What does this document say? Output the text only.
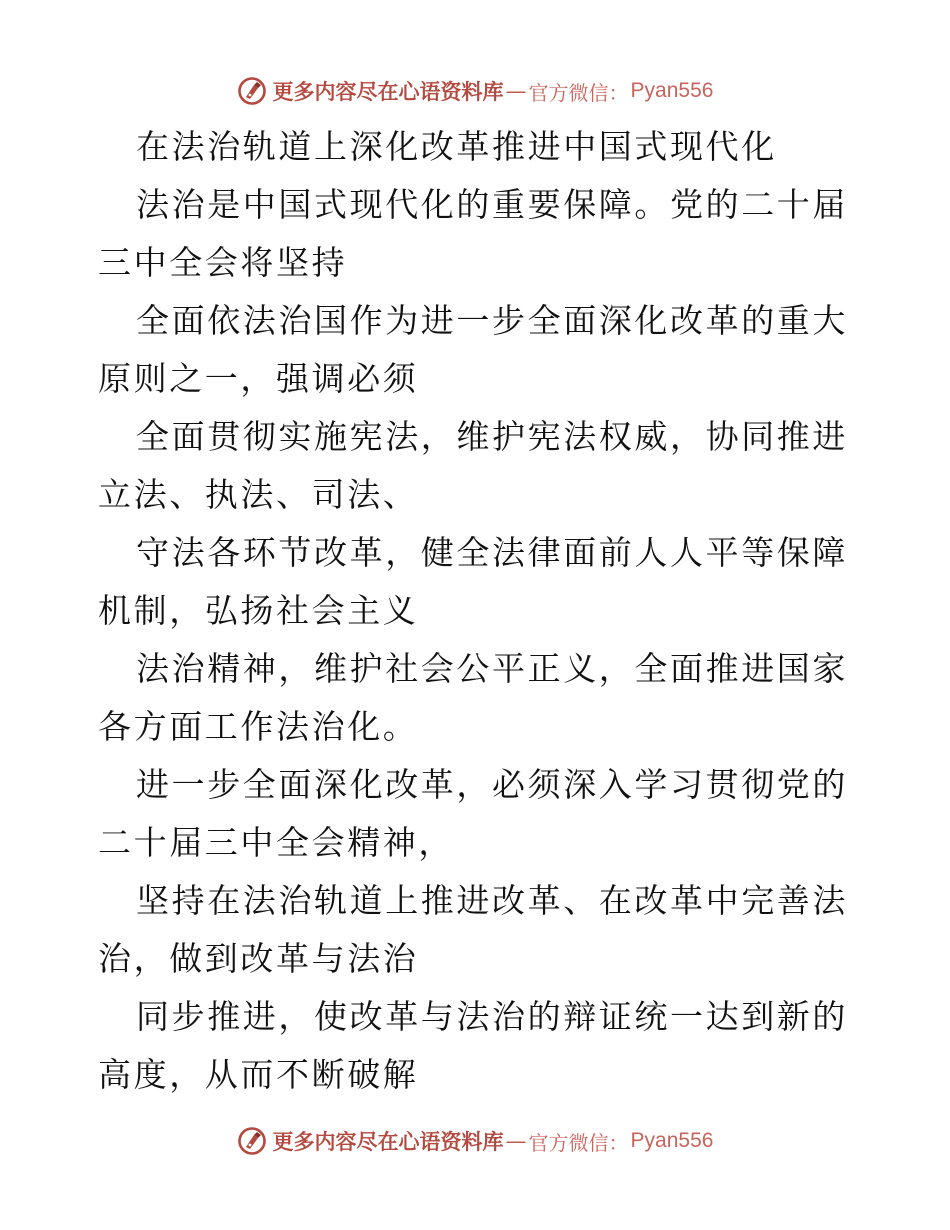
更多内容尽在心语资料库 — 官方微信： Pyan556

在法治轨道上深化改革推进中国式现代化

法治是中国式现代化的重要保障。党的二十届三中全会将坚持

全面依法治国作为进一步全面深化改革的重大原则之一，强调必须

全面贯彻实施宪法，维护宪法权威，协同推进立法、执法、司法、

守法各环节改革，健全法律面前人人平等保障机制，弘扬社会主义

法治精神，维护社会公平正义，全面推进国家各方面工作法治化。

进一步全面深化改革，必须深入学习贯彻党的二十届三中全会精神，

坚持在法治轨道上推进改革、在改革中完善法治，做到改革与法治

同步推进，使改革与法治的辩证统一达到新的高度，从而不断破解

更多内容尽在心语资料库 — 官方微信： Pyan556
